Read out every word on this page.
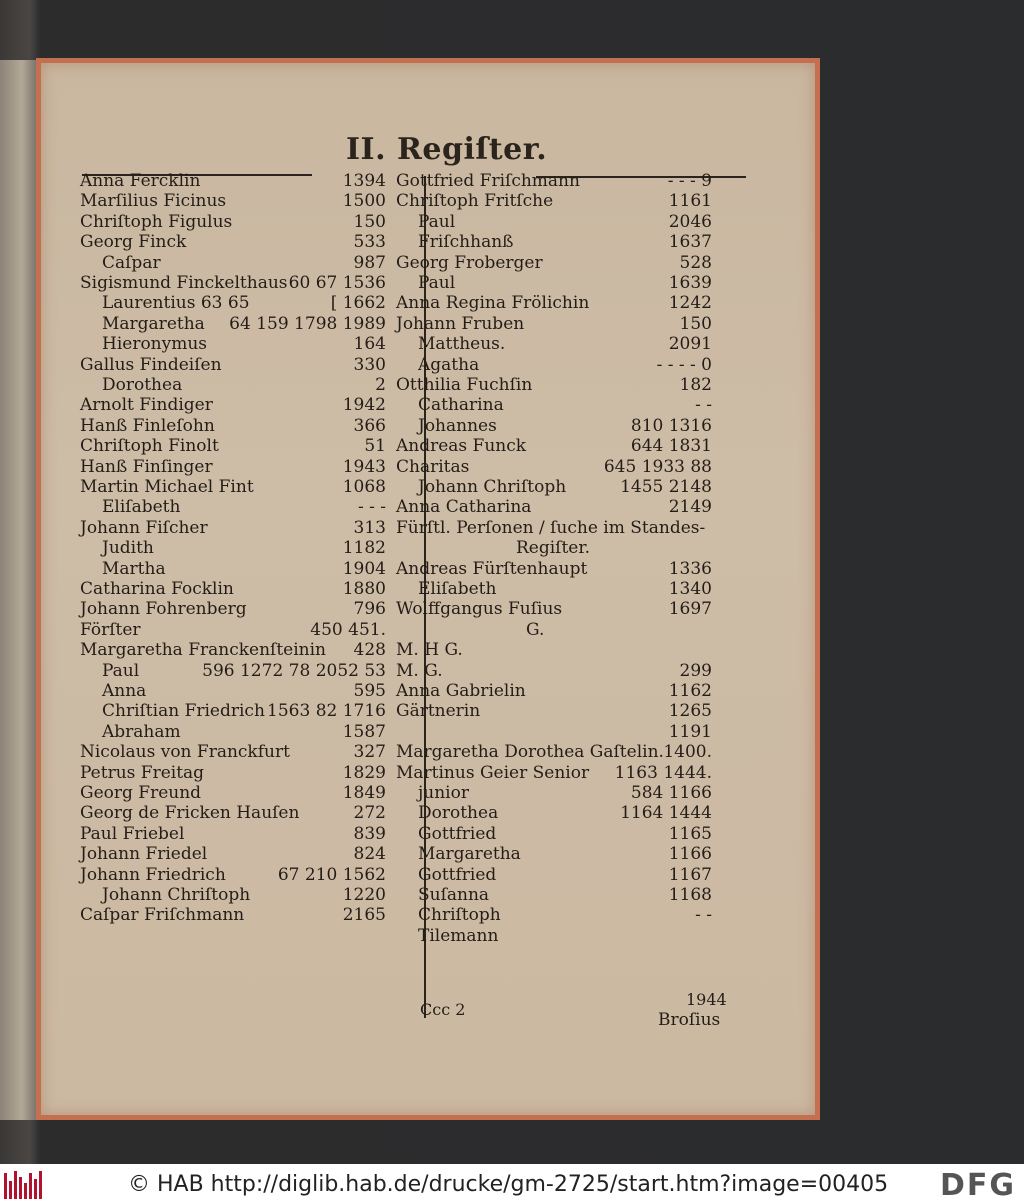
II. Regiſter.
Anna Fercklin	1394
Marſilius Ficinus	1500
Chriſtoph Figulus	150
Georg Finck	533
Caſpar	987
Sigismund Finckelthaus 60 67 1536
Laurentius 63 65	[ 1662
Margaretha 64 159 1798 1989
Hieronymus	164
Gallus Findeiſen	330
Dorothea	2
Arnolt Findiger	1942
Hanß Finleſohn	366
Chriſtoph Finolt	51
Hanß Finſinger	1943
Martin Michael Fint	1068
Eliſabeth	- - -
Johann Fiſcher	313
Judith	1182
Martha	1904
Catharina Focklin	1880
Johann Fohrenberg	796
Förſter	450 451.
Margaretha Franckenſteinin 428
Paul	596 1272 78 2052 53
Anna	595
Chriſtian Friedrich 1563 82 1716
Abraham	1587
Nicolaus von Franckfurt	327
Petrus Freitag	1829
Georg Freund	1849
Georg de Fricken Hauſen	272
Paul Friebel	839
Johann Friedel	824
Johann Friedrich	67 210 1562
Johann Chriſtoph	1220
Caſpar Friſchmann	2165
Gottfried Friſchmann	- - - 9
Chriſtoph Fritſche	1161
Paul	2046
Friſchhanß	1637
Georg Froberger	528
Paul	1639
Anna Regina Frölichin	1242
Johann Fruben	150
Mattheus.	2091
Agatha	- - - - 0
Otthilia Fuchſin	182
Catharina	- -
Johannes	810 1316
Andreas Funck	644 1831
Charitas	645 1933 88
Johann Chriſtoph	1455 2148
Anna Catharina	2149
Fürſtl. Perſonen / ſuche im Standes-
Regiſter.
Andreas Fürſtenhaupt	1336
Eliſabeth	1340
Wolffgangus Fuſius	1697
G.
M. H G.
M. G.	299
Anna Gabrielin	1162
Gärtnerin	1265
1191
Margaretha Dorothea Gaſtelin. 1400.
Martinus Geier Senior 1163 1444.
junior	584 1166
Dorothea	1164 1444
Gottfried	1165
Margaretha	1166
Gottfried	1167
Suſanna	1168
Chriſtoph	- -
Tilemann
Ccc 2
1944
Broſius
© HAB http://diglib.hab.de/drucke/gm-2725/start.htm?image=00405 DFG
